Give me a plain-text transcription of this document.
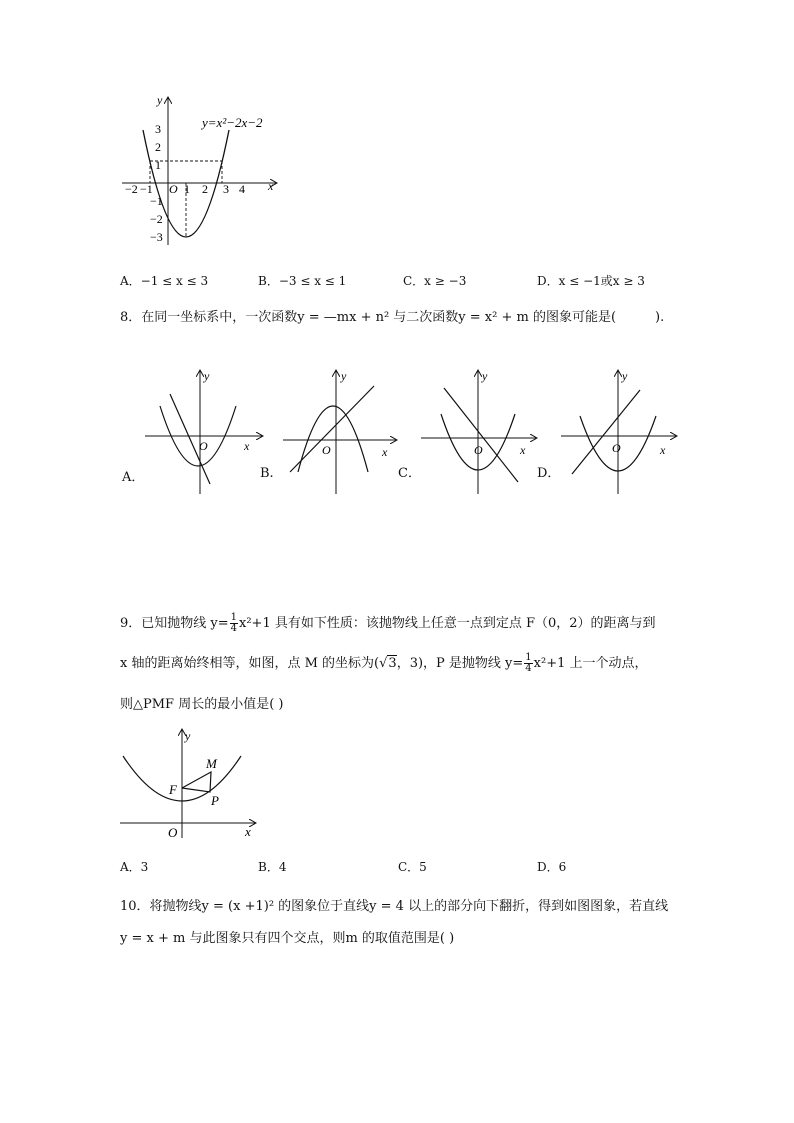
y=x²−2x−2
x
y
O
−2 −1	1 2 3 4
3
2
1
−1
−2
−3
A．−1 ≤ x ≤ 3	B．−3 ≤ x ≤ 1	C．x ≥ −3	D．x ≤ −1或x ≥ 3
8．在同一坐标系中，一次函数y = —mx + n² 与二次函数y = x² + m 的图象可能是(　　　).
y
x
O
A．
y
x
O
B.
y
x
O
C．
y
x
O
D．
9．已知抛物线 $y= \frac{1}{4} x^2+1$ 具有如下性质：该抛物线上任意一点到定点 F（0，2）的距离与到
x 轴的距离始终相等，如图，点 M 的坐标为(√3，3)，P 是抛物线 $y= \frac{1}{4} x^2+1$ 上一个动点，
则△PMF 周长的最小值是( )
y
x
O
F
M
P
A．3	B．4	C．5	D．6
10．将抛物线y = (x +1)² 的图象位于直线y = 4 以上的部分向下翻折，得到如图图象，若直线
y = x + m 与此图象只有四个交点，则m 的取值范围是( )
